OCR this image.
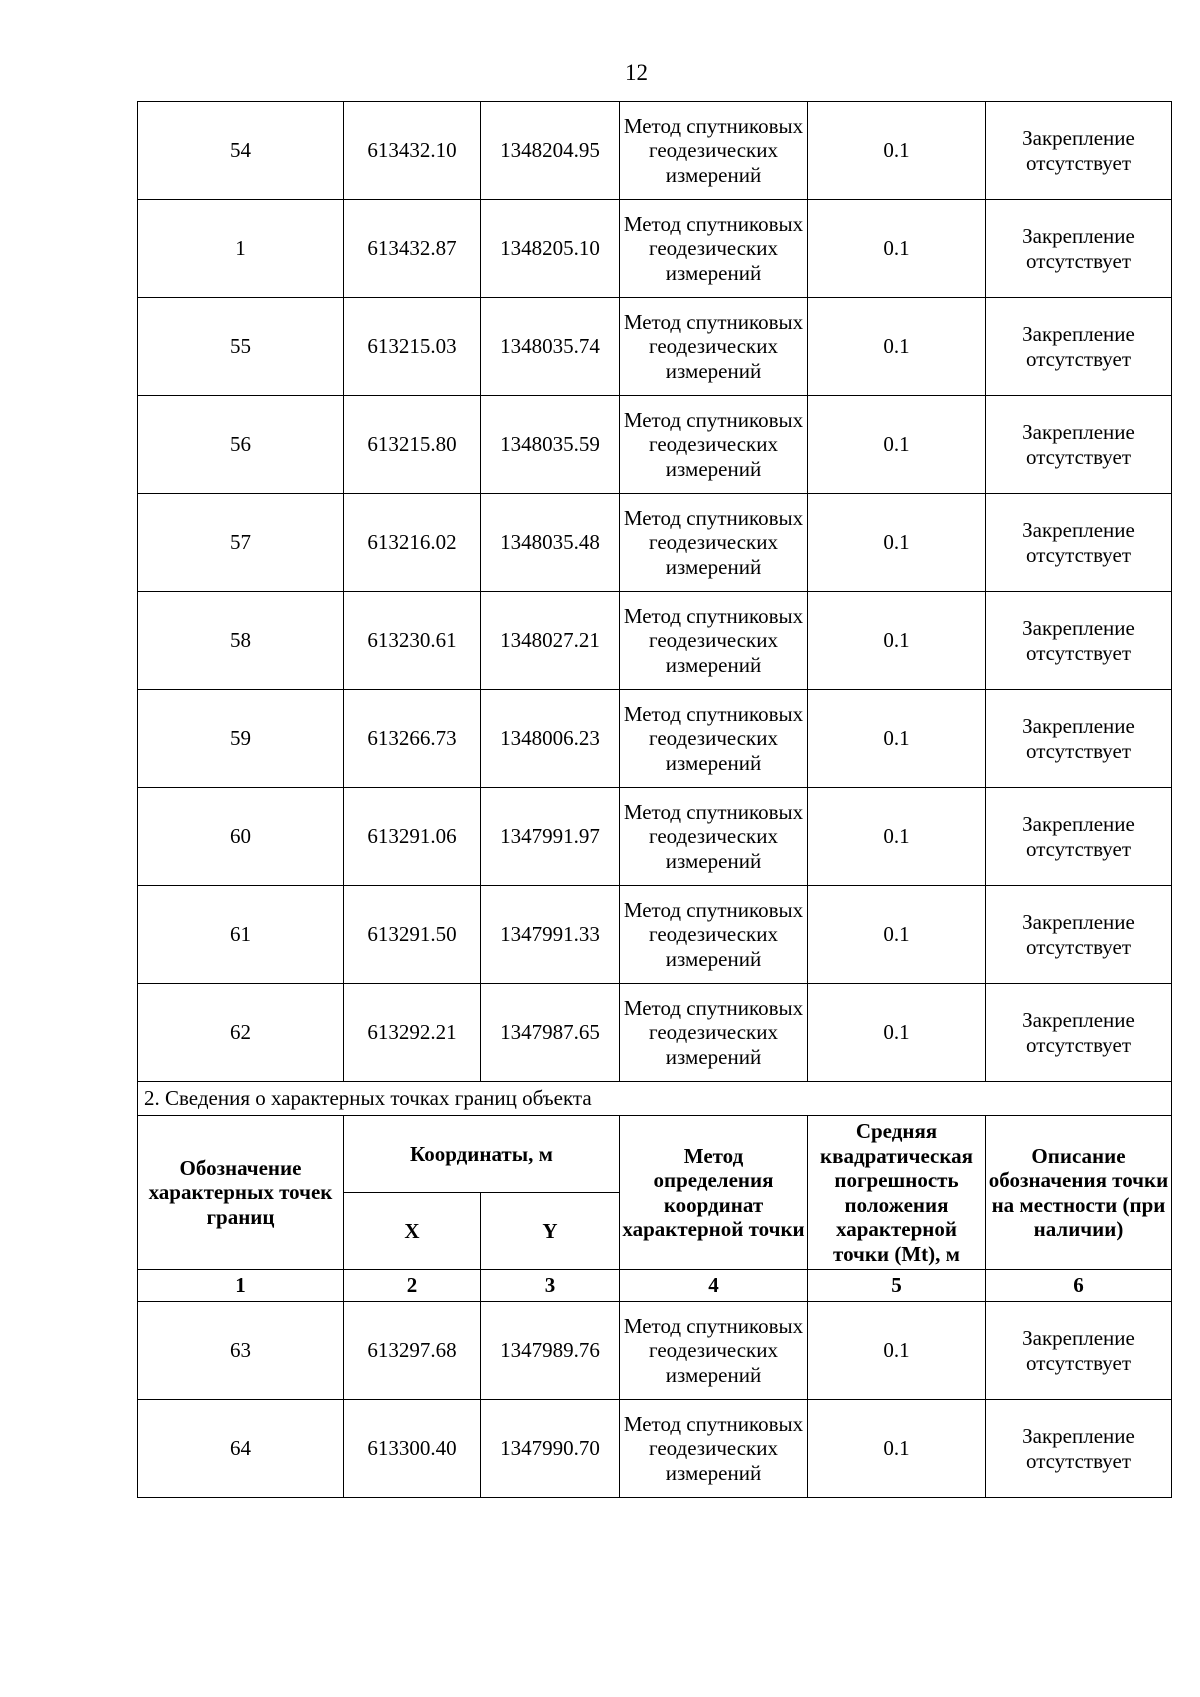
12
54	613432.10	1348204.95	Метод спутниковых геодезических измерений	0.1	Закрепление отсутствует
1	613432.87	1348205.10	Метод спутниковых геодезических измерений	0.1	Закрепление отсутствует
55	613215.03	1348035.74	Метод спутниковых геодезических измерений	0.1	Закрепление отсутствует
56	613215.80	1348035.59	Метод спутниковых геодезических измерений	0.1	Закрепление отсутствует
57	613216.02	1348035.48	Метод спутниковых геодезических измерений	0.1	Закрепление отсутствует
58	613230.61	1348027.21	Метод спутниковых геодезических измерений	0.1	Закрепление отсутствует
59	613266.73	1348006.23	Метод спутниковых геодезических измерений	0.1	Закрепление отсутствует
60	613291.06	1347991.97	Метод спутниковых геодезических измерений	0.1	Закрепление отсутствует
61	613291.50	1347991.33	Метод спутниковых геодезических измерений	0.1	Закрепление отсутствует
62	613292.21	1347987.65	Метод спутниковых геодезических измерений	0.1	Закрепление отсутствует
2. Сведения о характерных точках границ объекта					
Обозначение характерных точек границ	Координаты, м		Метод определения координат характерной точки	Средняя квадратическая погрешность положения характерной точки (Mt), м	Описание обозначения точки на местности (при наличии)
	X	Y			
1	2	3	4	5	6
63	613297.68	1347989.76	Метод спутниковых геодезических измерений	0.1	Закрепление отсутствует
64	613300.40	1347990.70	Метод спутниковых геодезических измерений	0.1	Закрепление отсутствует
